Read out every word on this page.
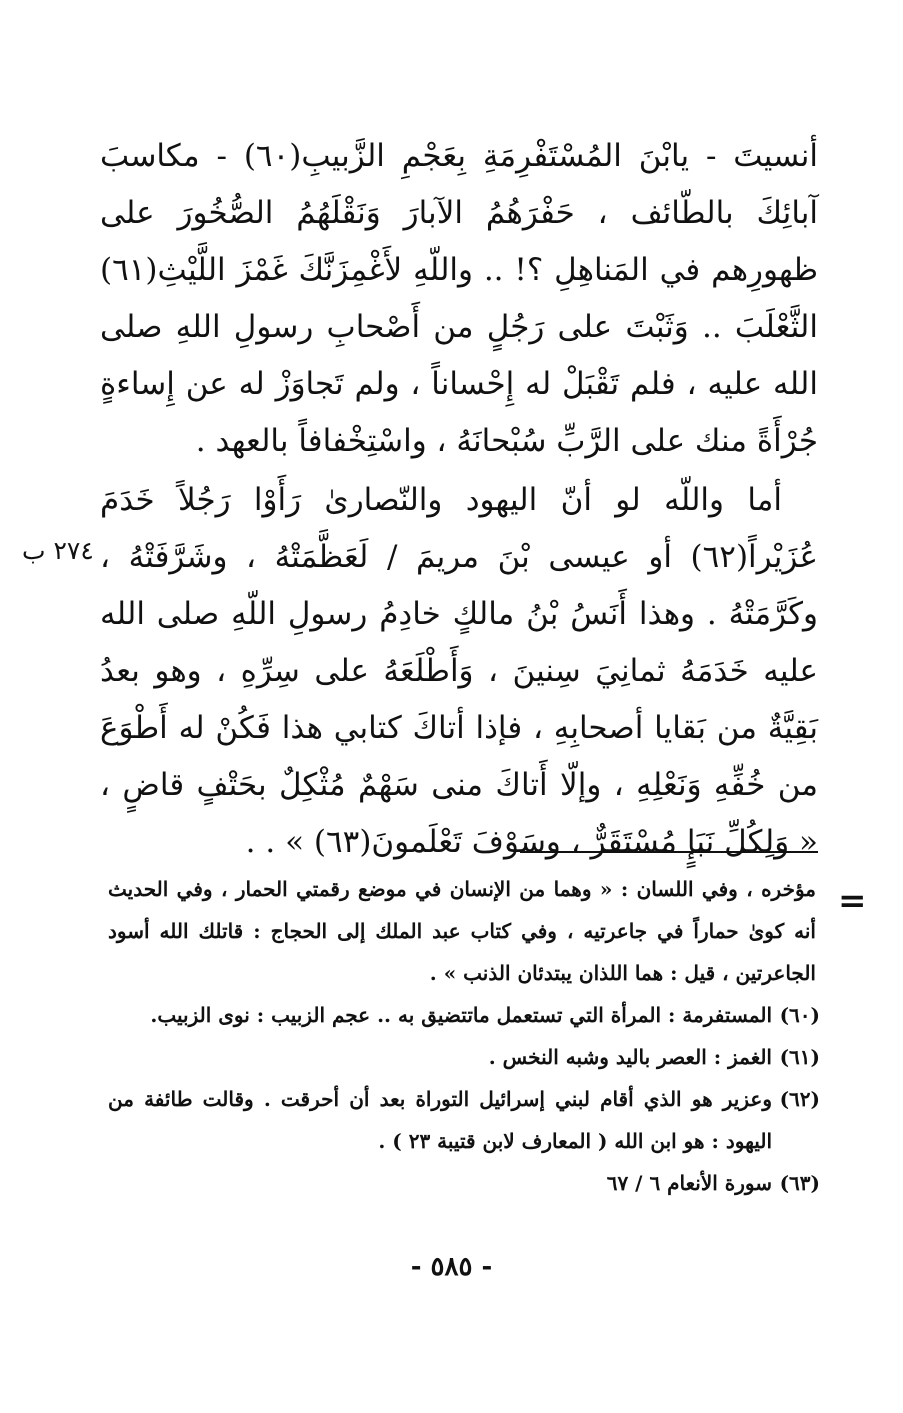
أنسيتَ - يابْنَ المُسْتَفْرِمَةِ بِعَجْمِ الزَّبيبِ(٦٠) - مكاسبَ آبائِكَ بالطّائف ، حَفْرَهُمُ الآبارَ وَنَقْلَهُمُ الصُّخُورَ على ظهورِهم في المَناهِلِ ؟! .. واللّهِ لأَغْمِزَنَّكَ غَمْزَ اللَّيْثِ(٦١) الثَّعْلَبَ .. وَثَبْتَ على رَجُلٍ من أَصْحابِ رسولِ اللهِ صلى الله عليه ، فلم تَقْبَلْ له إِحْساناً ، ولم تَجاوَزْ له عن إِساءةٍ جُرْأَةً منك على الرَّبِّ سُبْحانَهُ ، واسْتِخْفافاً بالعهد .

أما واللّه لو أنّ اليهود والنّصارىٰ رَأَوْا رَجُلاً خَدَمَ عُزَيْراً(٦٢) أو عيسى بْنَ مريمَ / لَعَظَّمَتْهُ ، وشَرَّفَتْهُ ، وكَرَّمَتْهُ . وهذا أَنَسُ بْنُ مالكٍ خادِمُ رسولِ اللّهِ صلى الله عليه خَدَمَهُ ثمانِيَ سِنينَ ، وَأَطْلَعَهُ على سِرِّهِ ، وهو بعدُ بَقِيَّةٌ من بَقايا أصحابِهِ ، فإذا أتاكَ كتابي هذا فَكُنْ له أَطْوَعَ من خُفِّهِ وَنَعْلِهِ ، وإلّا أَتاكَ منى سَهْمٌ مُثْكِلٌ بحَتْفٍ قاضٍ ، « وَلِكُلِّ نَبَإٍ مُسْتَقَرٌّ ، وسَوْفَ تَعْلَمونَ(٦٣) » . .

٢٧٤ ب
=

مؤخره ، وفي اللسان : « وهما من الإنسان في موضع رقمتي الحمار ، وفي الحديث أنه كوىٰ حماراً في جاعرتيه ، وفي كتاب عبد الملك إلى الحجاج : قاتلك الله أسود الجاعرتين ، قيل : هما اللذان يبتدئان الذنب » .

(٦٠)
المستفرمة : المرأة التي تستعمل ماتتضيق به .. عجم الزبيب : نوى الزبيب.
(٦١)
الغمز : العصر باليد وشبه النخس .
(٦٢)
وعزير هو الذي أقام لبني إسرائيل التوراة بعد أن أحرقت . وقالت طائفة من اليهود : هو ابن الله ( المعارف لابن قتيبة ٢٣ ) .
(٦٣)
سورة الأنعام ٦ / ٦٧
- ٥٨٥ -
